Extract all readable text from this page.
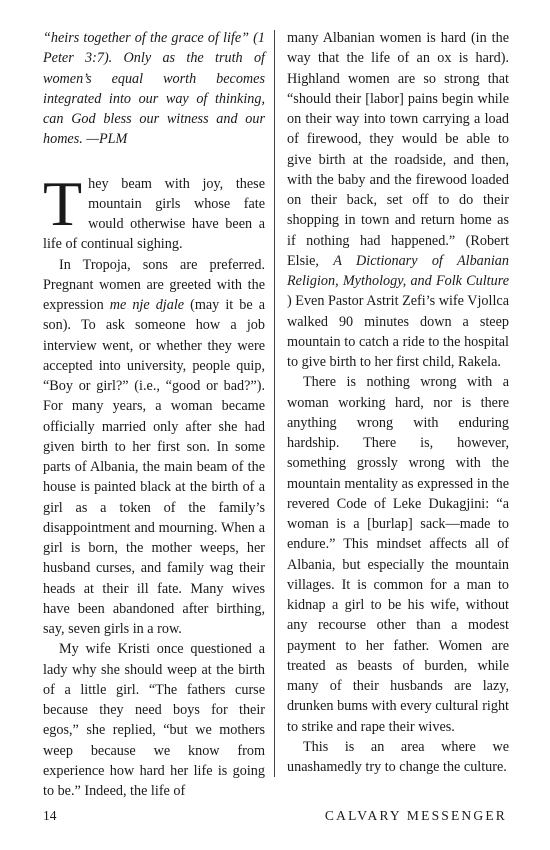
“heirs together of the grace of life” (1 Peter 3:7). Only as the truth of women’s equal worth becomes integrated into our way of thinking, can God bless our witness and our homes. —PLM

They beam with joy, these mountain girls whose fate would otherwise have been a life of continual sighing.

In Tropoja, sons are preferred. Pregnant women are greeted with the expression me nje djale (may it be a son). To ask someone how a job interview went, or whether they were accepted into university, people quip, “Boy or girl?” (i.e., “good or bad?”). For many years, a woman became officially married only after she had given birth to her first son. In some parts of Albania, the main beam of the house is painted black at the birth of a girl as a token of the family’s disappointment and mourning. When a girl is born, the mother weeps, her husband curses, and family wag their heads at their ill fate. Many wives have been abandoned after birthing, say, seven girls in a row.

My wife Kristi once questioned a lady why she should weep at the birth of a little girl. “The fathers curse because they need boys for their egos,” she replied, “but we mothers weep because we know from experience how hard her life is going to be.” Indeed, the life of

many Albanian women is hard (in the way that the life of an ox is hard). Highland women are so strong that “should their [labor] pains begin while on their way into town carrying a load of firewood, they would be able to give birth at the roadside, and then, with the baby and the firewood loaded on their back, set off to do their shopping in town and return home as if nothing had happened.” (Robert Elsie, A Dictionary of Albanian Religion, Mythology, and Folk Culture ) Even Pastor Astrit Zefi’s wife Vjollca walked 90 minutes down a steep mountain to catch a ride to the hospital to give birth to her first child, Rakela.

There is nothing wrong with a woman working hard, nor is there anything wrong with enduring hardship. There is, however, something grossly wrong with the mountain mentality as expressed in the revered Code of Leke Dukagjini: “a woman is a [burlap] sack—made to endure.” This mindset affects all of Albania, but especially the mountain villages. It is common for a man to kidnap a girl to be his wife, without any recourse other than a modest payment to her father. Women are treated as beasts of burden, while many of their husbands are lazy, drunken bums with every cultural right to strike and rape their wives.

This is an area where we unashamedly try to change the culture.

14	CALVARY MESSENGER
